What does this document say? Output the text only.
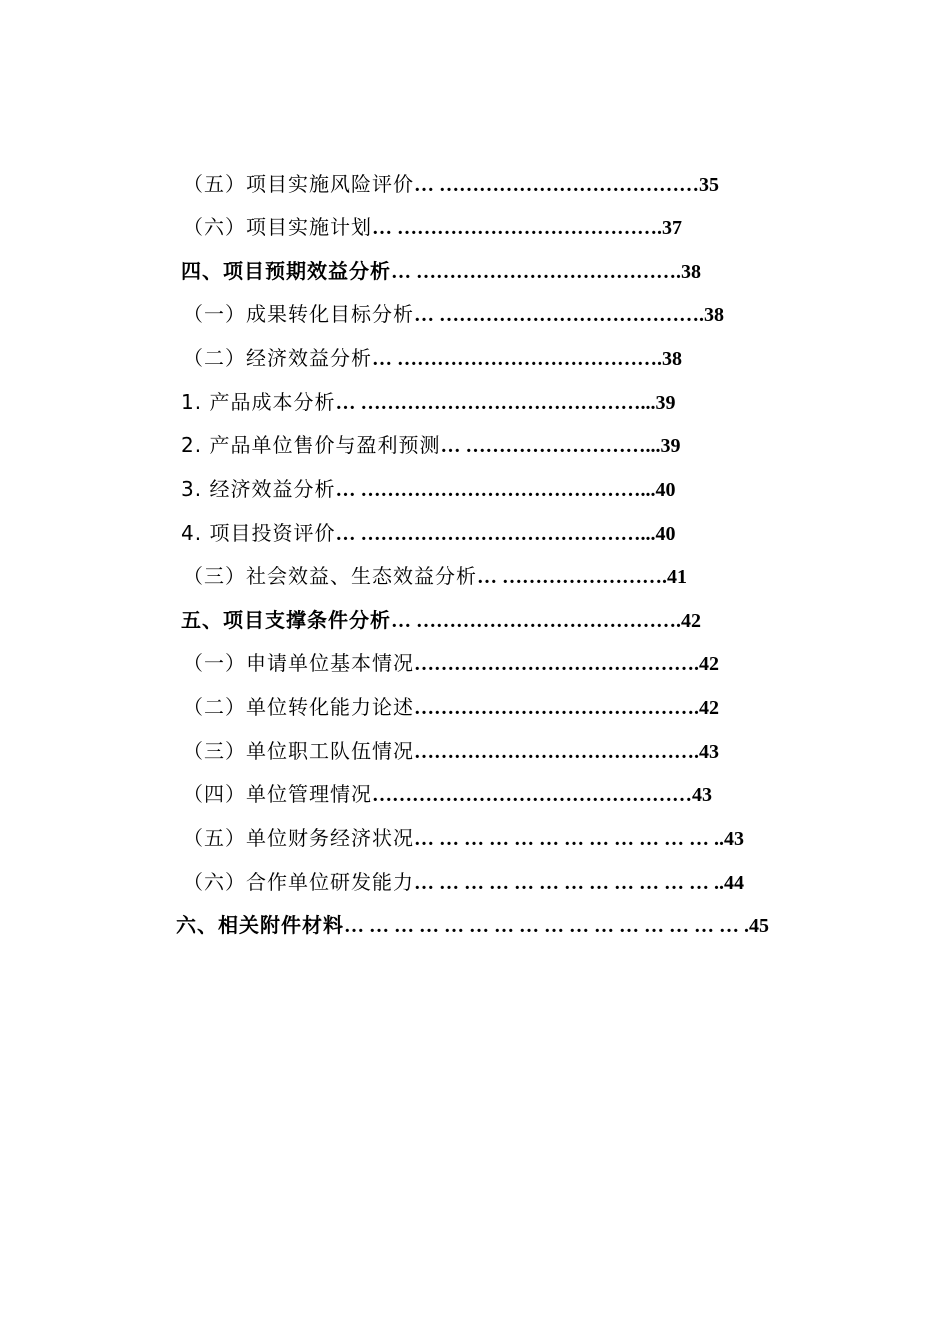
（五）项目实施风险评价… …………………………………35
（六）项目实施计划… ………………………………….37
四、项目预期效益分析… ………………………………….38
（一）成果转化目标分析… ………………………………….38
（二）经济效益分析… ………………………………….38
1. 产品成本分析… ……………………………………...39
2. 产品单位售价与盈利预测… ………………………...39
3. 经济效益分析… ……………………………………...40
4. 项目投资评价… ……………………………………...40
（三）社会效益、生态效益分析… …………………….41
五、项目支撑条件分析… ………………………………….42
（一）申请单位基本情况…………………………………….42
（二）单位转化能力论述…………………………………….42
（三）单位职工队伍情况…………………………………….43
（四）单位管理情况…………………………………………43
（五）单位财务经济状况… … … … … … … … … … … … ..43
（六）合作单位研发能力… … … … … … … … … … … … ..44
六、相关附件材料… … … … … … … … … … … … … … … … .45
